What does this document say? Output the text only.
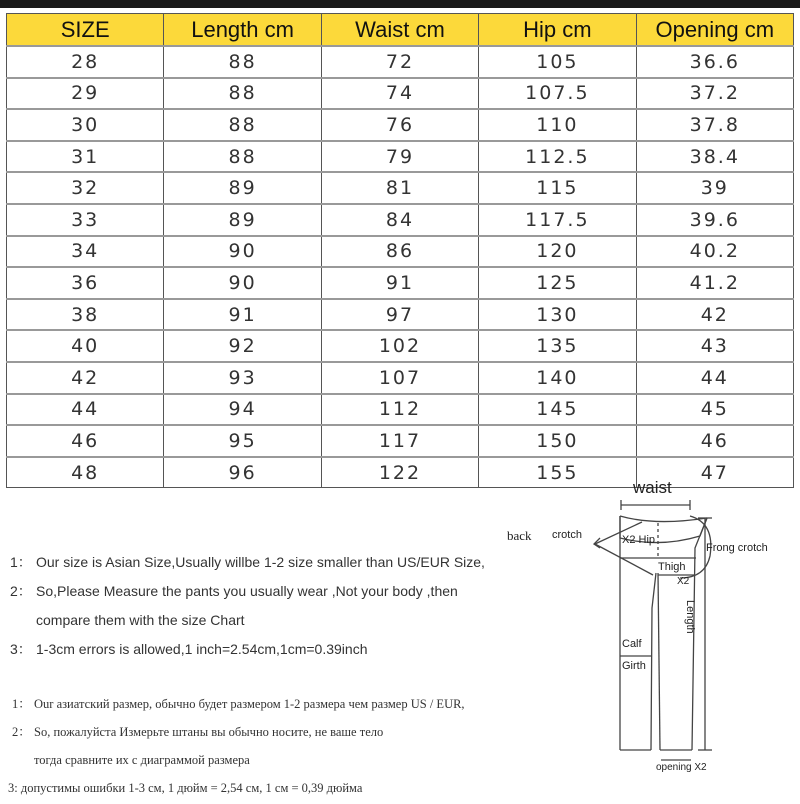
SIZE	Length cm	Waist cm	Hip cm	Opening cm
28	88	72	105	36.6
29	88	74	107.5	37.2
30	88	76	110	37.8
31	88	79	112.5	38.4
32	89	81	115	39
33	89	84	117.5	39.6
34	90	86	120	40.2
36	90	91	125	41.2
38	91	97	130	42
40	92	102	135	43
42	93	107	140	44
44	94	112	145	45
46	95	117	150	46
48	96	122	155	47
1： Our size is Asian Size,Usually willbe 1-2 size smaller than US/EUR Size,
2： So,Please Measure the pants you usually wear ,Not your body ,then
compare them with the size Chart
3： 1-3cm errors is allowed,1 inch=2.54cm,1cm=0.39inch
1： Our азиатский размер, обычно будет размером 1-2 размера чем размер US / EUR,
2： So, пожалуйста Измерьте штаны вы обычно носите, не ваше тело
тогда сравните их с диаграммой размера
3: допустимы ошибки 1-3 см, 1 дюйм = 2,54 см, 1 см = 0,39 дюйма
waist
back crotch	X2 Hip
Frong crotch
Thigh
X2
Length
Calf
Girth
opening X2
